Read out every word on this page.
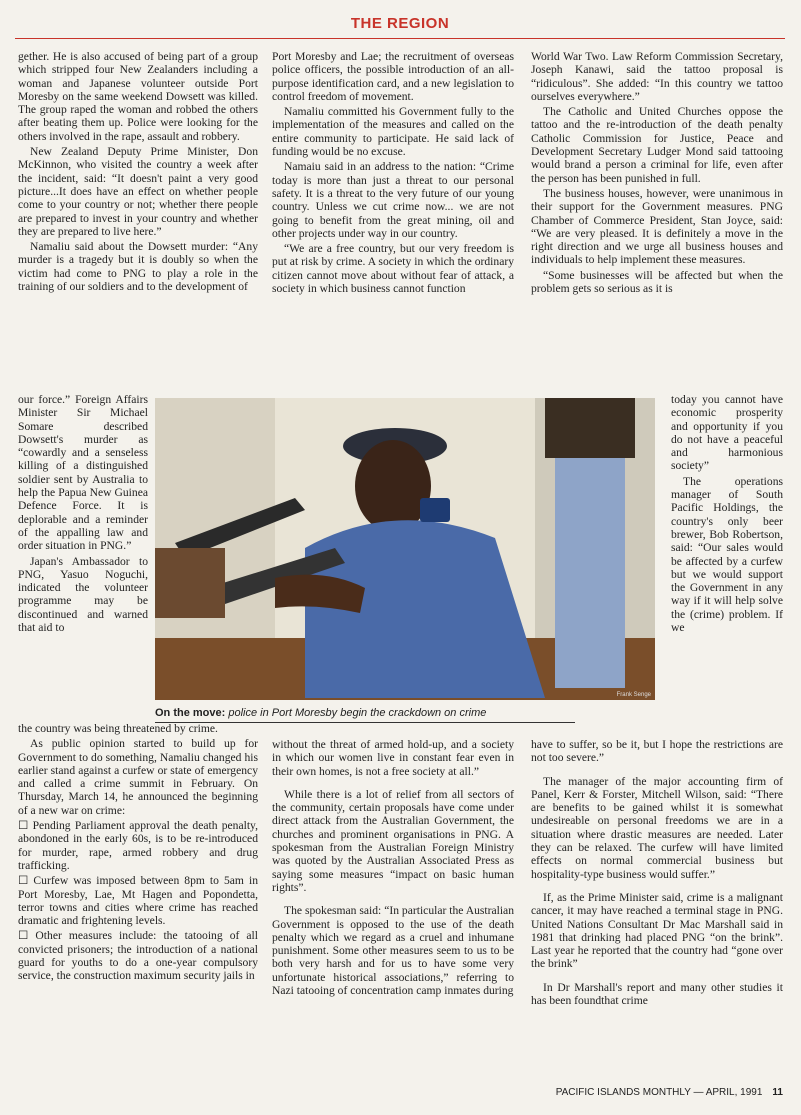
THE REGION

gether. He is also accused of being part of a group which stripped four New Zealanders including a woman and Japanese volunteer outside Port Moresby on the same weekend Dowsett was killed. The group raped the woman and robbed the others after beating them up. Police were looking for the others involved in the rape, assault and robbery.

New Zealand Deputy Prime Minister, Don McKinnon, who visited the country a week after the incident, said: “It doesn't paint a very good picture...It does have an effect on whether people come to your country or not; whether there people are prepared to invest in your country and whether they are prepared to live here.”

Namaliu said about the Dowsett murder: “Any murder is a tragedy but it is doubly so when the victim had come to PNG to play a role in the training of our soldiers and to the development of

our force.” Foreign Affairs Minister Sir Michael Somare described Dowsett's murder as “cowardly and a senseless killing of a distinguished soldier sent by Australia to help the Papua New Guinea Defence Force. It is deplorable and a reminder of the appalling law and order situation in PNG.”

Japan's Ambassador to PNG, Yasuo Noguchi, indicated the volunteer programme may be discontinued and warned that aid to

the country was being threatened by crime.

As public opinion started to build up for Government to do something, Namaliu changed his earlier stand against a curfew or state of emergency and called a crime summit in February. On Thursday, March 14, he announced the beginning of a new war on crime:

☐ Pending Parliament approval the death penalty, abondoned in the early 60s, is to be re-introduced for murder, rape, armed robbery and drug trafficking.

☐ Curfew was imposed between 8pm to 5am in Port Moresby, Lae, Mt Hagen and Popondetta, terror towns and cities where crime has reached dramatic and frightening levels.

☐ Other measures include: the tatooing of all convicted prisoners; the introduction of a national guard for youths to do a one-year compulsory service, the construction maximum security jails in

Port Moresby and Lae; the recruitment of overseas police officers, the possible introduction of an all-purpose identification card, and a new legislation to control freedom of movement.

Namaliu committed his Government fully to the implementation of the measures and called on the entire community to participate. He said lack of funding would be no excuse.

Namaiu said in an address to the nation: “Crime today is more than just a threat to our personal safety. It is a threat to the very future of our young country. Unless we cut crime now... we are not going to benefit from the great mining, oil and other projects under way in our country.

“We are a free country, but our very freedom is put at risk by crime. A society in which the ordinary citizen cannot move about without fear of attack, a society in which business cannot function

without the threat of armed hold-up, and a society in which our women live in constant fear even in their own homes, is not a free society at all.”

While there is a lot of relief from all sectors of the community, certain proposals have come under direct attack from the Australian Government, the churches and prominent organisations in PNG. A spokesman from the Australian Foreign Ministry was quoted by the Australian Associated Press as saying some measures “impact on basic human rights”.

The spokesman said: “In particular the Australian Government is opposed to the use of the death penalty which we regard as a cruel and inhumane punishment. Some other measures seem to us to be both very harsh and for us to have some very unfortunate historical associations,” referring to Nazi tatooing of concentration camp inmates during

World War Two. Law Reform Commission Secretary, Joseph Kanawi, said the tattoo proposal is “ridiculous”. She added: “In this country we tattoo ourselves everywhere.”

The Catholic and United Churches oppose the tattoo and the re-introduction of the death penalty Catholic Commission for Justice, Peace and Development Secretary Ludger Mond said tattooing would brand a person a criminal for life, even after the person has been punished in full.

The business houses, however, were unanimous in their support for the Government measures. PNG Chamber of Commerce President, Stan Joyce, said: “We are very pleased. It is definitely a move in the right direction and we urge all business houses and individuals to help implement these measures.

“Some businesses will be affected but when the problem gets so serious as it is

today you cannot have economic prosperity and opportunity if you do not have a peaceful and harmonious society”

The operations manager of South Pacific Holdings, the country's only beer brewer, Bob Robertson, said: “Our sales would be affected by a curfew but we would support the Government in any way if it will help solve the (crime) problem. If we

have to suffer, so be it, but I hope the restrictions are not too severe.”

The manager of the major accounting firm of Panel, Kerr & Forster, Mitchell Wilson, said: “There are benefits to be gained whilst it is somewhat undesireable on personal freedoms we are in a situation where drastic measures are needed. Later they can be relaxed. The curfew will have limited effects on normal commercial business but hospitality-type business would suffer.”

If, as the Prime Minister said, crime is a malignant cancer, it may have reached a terminal stage in PNG. United Nations Consultant Dr Mac Marshall said in 1981 that drinking had placed PNG “on the brink”. Last year he reported that the country had “gone over the brink”

In Dr Marshall's report and many other studies it has been foundthat crime

Frank Senge
On the move: police in Port Moresby begin the crackdown on crime
PACIFIC ISLANDS MONTHLY — APRIL, 1991 11
